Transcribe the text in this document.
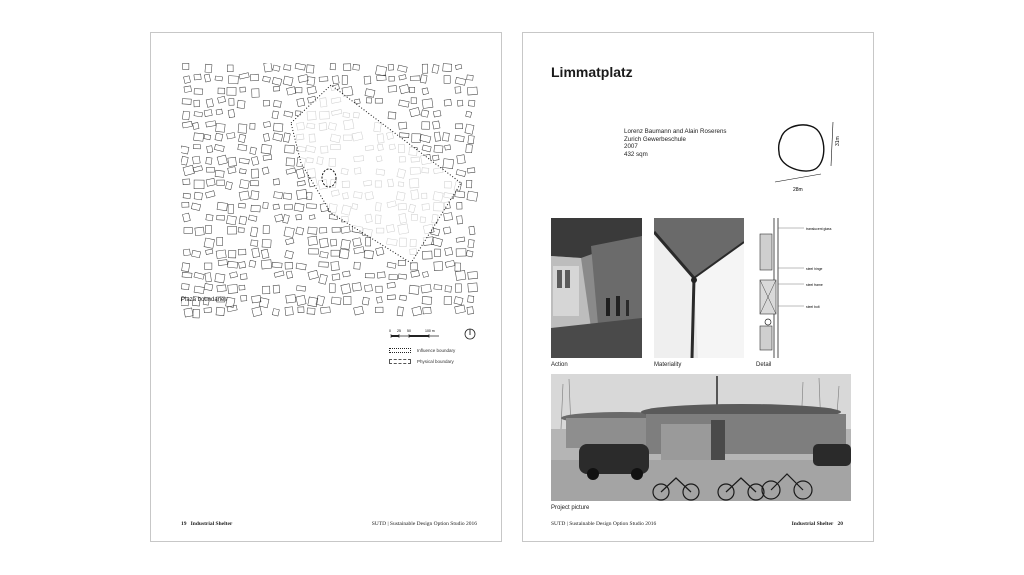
Plaza boundaries
0 25 50	100 m
Influence boundary
Physical boundary
19 Industrial Shelter	SUTD | Sustainable Design Option Studio 2016
Limmatplatz
Lorenz Baumann and Alain Roserens
Zurich Gewerbeschule
2007
432 sqm
28m
31m
Action	Materiality
translucent glass
steel hinge
steel frame
steel bolt
Detail
Project picture
SUTD | Sustainable Design Option Studio 2016	Industrial Shelter 20
